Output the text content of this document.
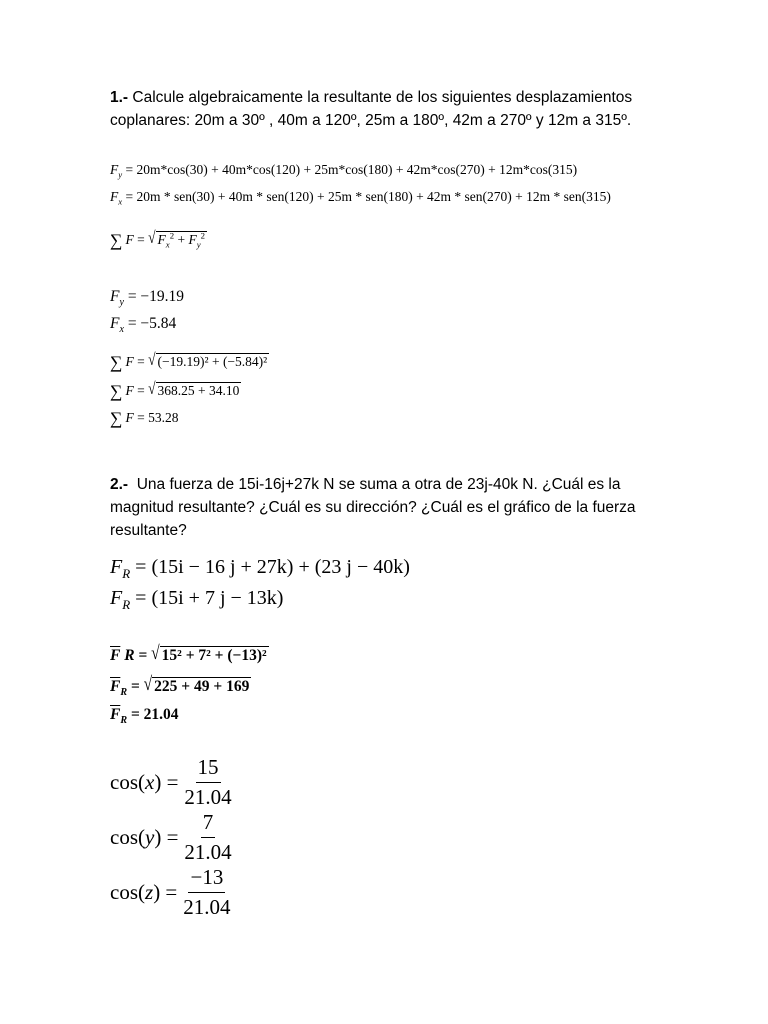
1.- Calcule algebraicamente la resultante de los siguientes desplazamientos coplanares: 20m a 30º , 40m a 120º, 25m a 180º, 42m a 270º y 12m a 315º.
$F_y = 20m*\cos(30) + 40m*\cos(120) + 25m*\cos(180) + 42m*\cos(270) + 12m*\cos(315)$
$F_x = 20m * sen(30) + 40m * sen(120) + 25m * sen(180) + 42m * sen(270) + 12m * sen(315)$
∑ F = √ $F_x^2 + F_y^2$
$F_y = -19.19$
$F_x = -5.84$
∑ F = √ (−19.19)² + (−5.84)²
∑ F = √ 368.25 + 34.10
∑ F = 53.28
2.- Una fuerza de 15i-16j+27k N se suma a otra de 23j-40k N. ¿Cuál es la magnitud resultante? ¿Cuál es su dirección? ¿Cuál es el gráfico de la fuerza resultante?
$F_R = (15i - 16$ j + 27k) + (23 j − 40k)
$F_R = (15i + 7$ j − 13k)
$\overline{F}$ R = √ 15² + 7² + (−13)²
$\overline{F}_R$ = √ 225 + 49 + 169
$\overline{F}_R = 21.04$
$\cos(x) = \frac{15}{21.04}$
$\cos(y) = \frac{7}{21.04}$
$\cos(z) = \frac{-13}{21.04}$
